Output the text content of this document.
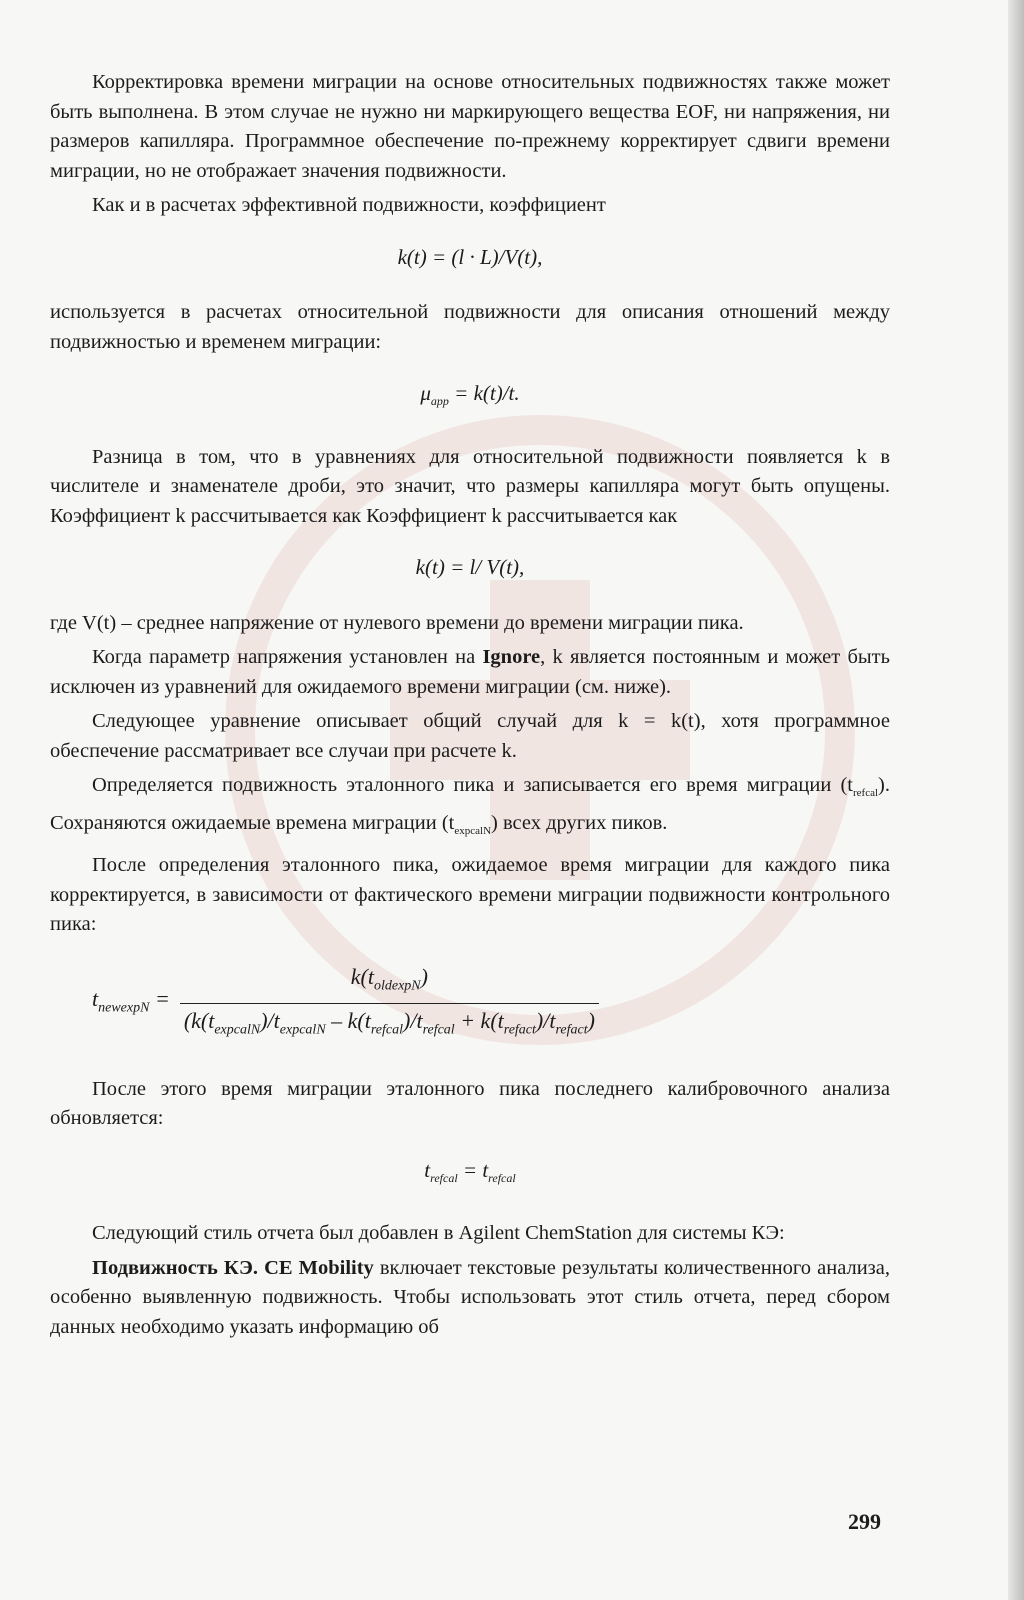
Корректировка времени миграции на основе относительных подвижностях также может быть выполнена. В этом случае не нужно ни маркирующего вещества EOF, ни напряжения, ни размеров капилляра. Программное обеспечение по-прежнему корректирует сдвиги времени миграции, но не отображает значения подвижности.

Как и в расчетах эффективной подвижности, коэффициент

k(t) = (l · L)/V(t),

используется в расчетах относительной подвижности для описания отношений между подвижностью и временем миграции:

$\mu_{app} = k(t)/t$.

Разница в том, что в уравнениях для относительной подвижности появляется k в числителе и знаменателе дроби, это значит, что размеры капилляра могут быть опущены. Коэффициент k рассчитывается как Коэффициент k рассчитывается как

k(t) = l/ V(t),

где V(t) – среднее напряжение от нулевого времени до времени миграции пика.

Когда параметр напряжения установлен на Ignore, k является постоянным и может быть исключен из уравнений для ожидаемого времени миграции (см. ниже).

Следующее уравнение описывает общий случай для k = k(t), хотя программное обеспечение рассматривает все случаи при расчете k.

Определяется подвижность эталонного пика и записывается его время миграции $(t_{refcal})$. Сохраняются ожидаемые времена миграции $(t_{expcalN})$ всех других пиков.

После определения эталонного пика, ожидаемое время миграции для каждого пика корректируется, в зависимости от фактического времени миграции подвижности контрольного пика:

$t_{newexpN}$ =
$k(t_{oldexpN})$
$(k(t_{expcalN})/t_{expcalN} - k(t_{refcal})/t_{refcal} + k(t_{refact})/t_{refact})$

После этого время миграции эталонного пика последнего калибровочного анализа обновляется:

$t_{refcal} = t_{refcal}$

Следующий стиль отчета был добавлен в Agilent ChemStation для системы КЭ:

Подвижность КЭ. CE Mobility включает текстовые результаты количественного анализа, особенно выявленную подвижность. Чтобы использовать этот стиль отчета, перед сбором данных необходимо указать информацию об

299
